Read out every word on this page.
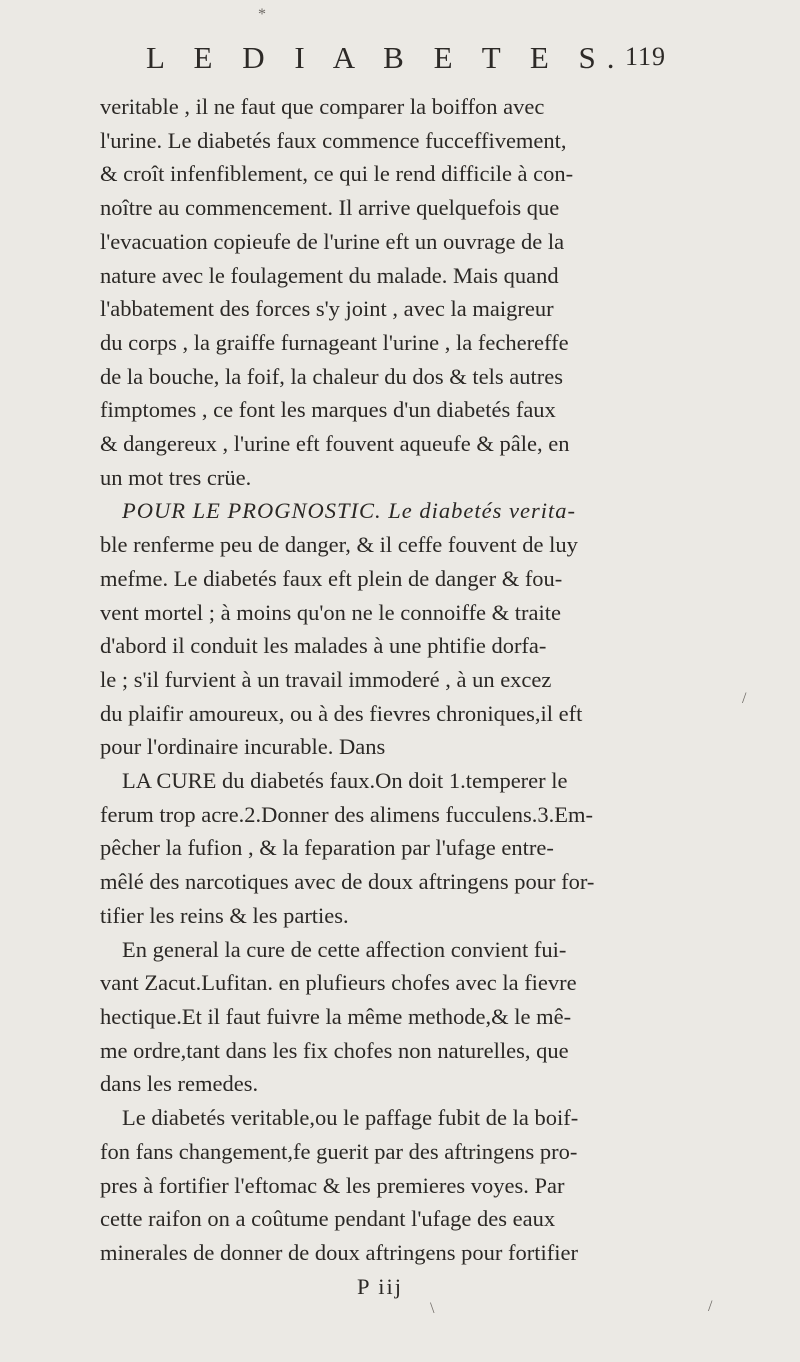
*
/
/
\
L E D I A B E T E S. 119
veritable , il ne faut que comparer la boiffon avec
l'urine. Le diabetés faux commence fucceffivement,
& croît infenfiblement, ce qui le rend difficile à con-
noître au commencement. Il arrive quelquefois que
l'evacuation copieufe de l'urine eft un ouvrage de la
nature avec le foulagement du malade. Mais quand
l'abbatement des forces s'y joint , avec la maigreur
du corps , la graiffe furnageant l'urine , la fechereffe
de la bouche, la foif, la chaleur du dos & tels autres
fimptomes , ce font les marques d'un diabetés faux
& dangereux , l'urine eft fouvent aqueufe & pâle, en
un mot tres crüe.
POUR LE PROGNOSTIC. Le diabetés verita-
ble renferme peu de danger, & il ceffe fouvent de luy
mefme. Le diabetés faux eft plein de danger & fou-
vent mortel ; à moins qu'on ne le connoiffe & traite
d'abord il conduit les malades à une phtifie dorfa-
le ; s'il furvient à un travail immoderé , à un excez
du plaifir amoureux, ou à des fievres chroniques,il eft
pour l'ordinaire incurable. Dans
LA CURE du diabetés faux.On doit 1.temperer le
ferum trop acre.2.Donner des alimens fucculens.3.Em-
pêcher la fufion , & la feparation par l'ufage entre-
mêlé des narcotiques avec de doux aftringens pour for-
tifier les reins & les parties.
En general la cure de cette affection convient fui-
vant Zacut.Lufitan. en plufieurs chofes avec la fievre
hectique.Et il faut fuivre la même methode,& le mê-
me ordre,tant dans les fix chofes non naturelles, que
dans les remedes.
Le diabetés veritable,ou le paffage fubit de la boif-
fon fans changement,fe guerit par des aftringens pro-
pres à fortifier l'eftomac & les premieres voyes. Par
cette raifon on a coûtume pendant l'ufage des eaux
minerales de donner de doux aftringens pour fortifier
P iij
